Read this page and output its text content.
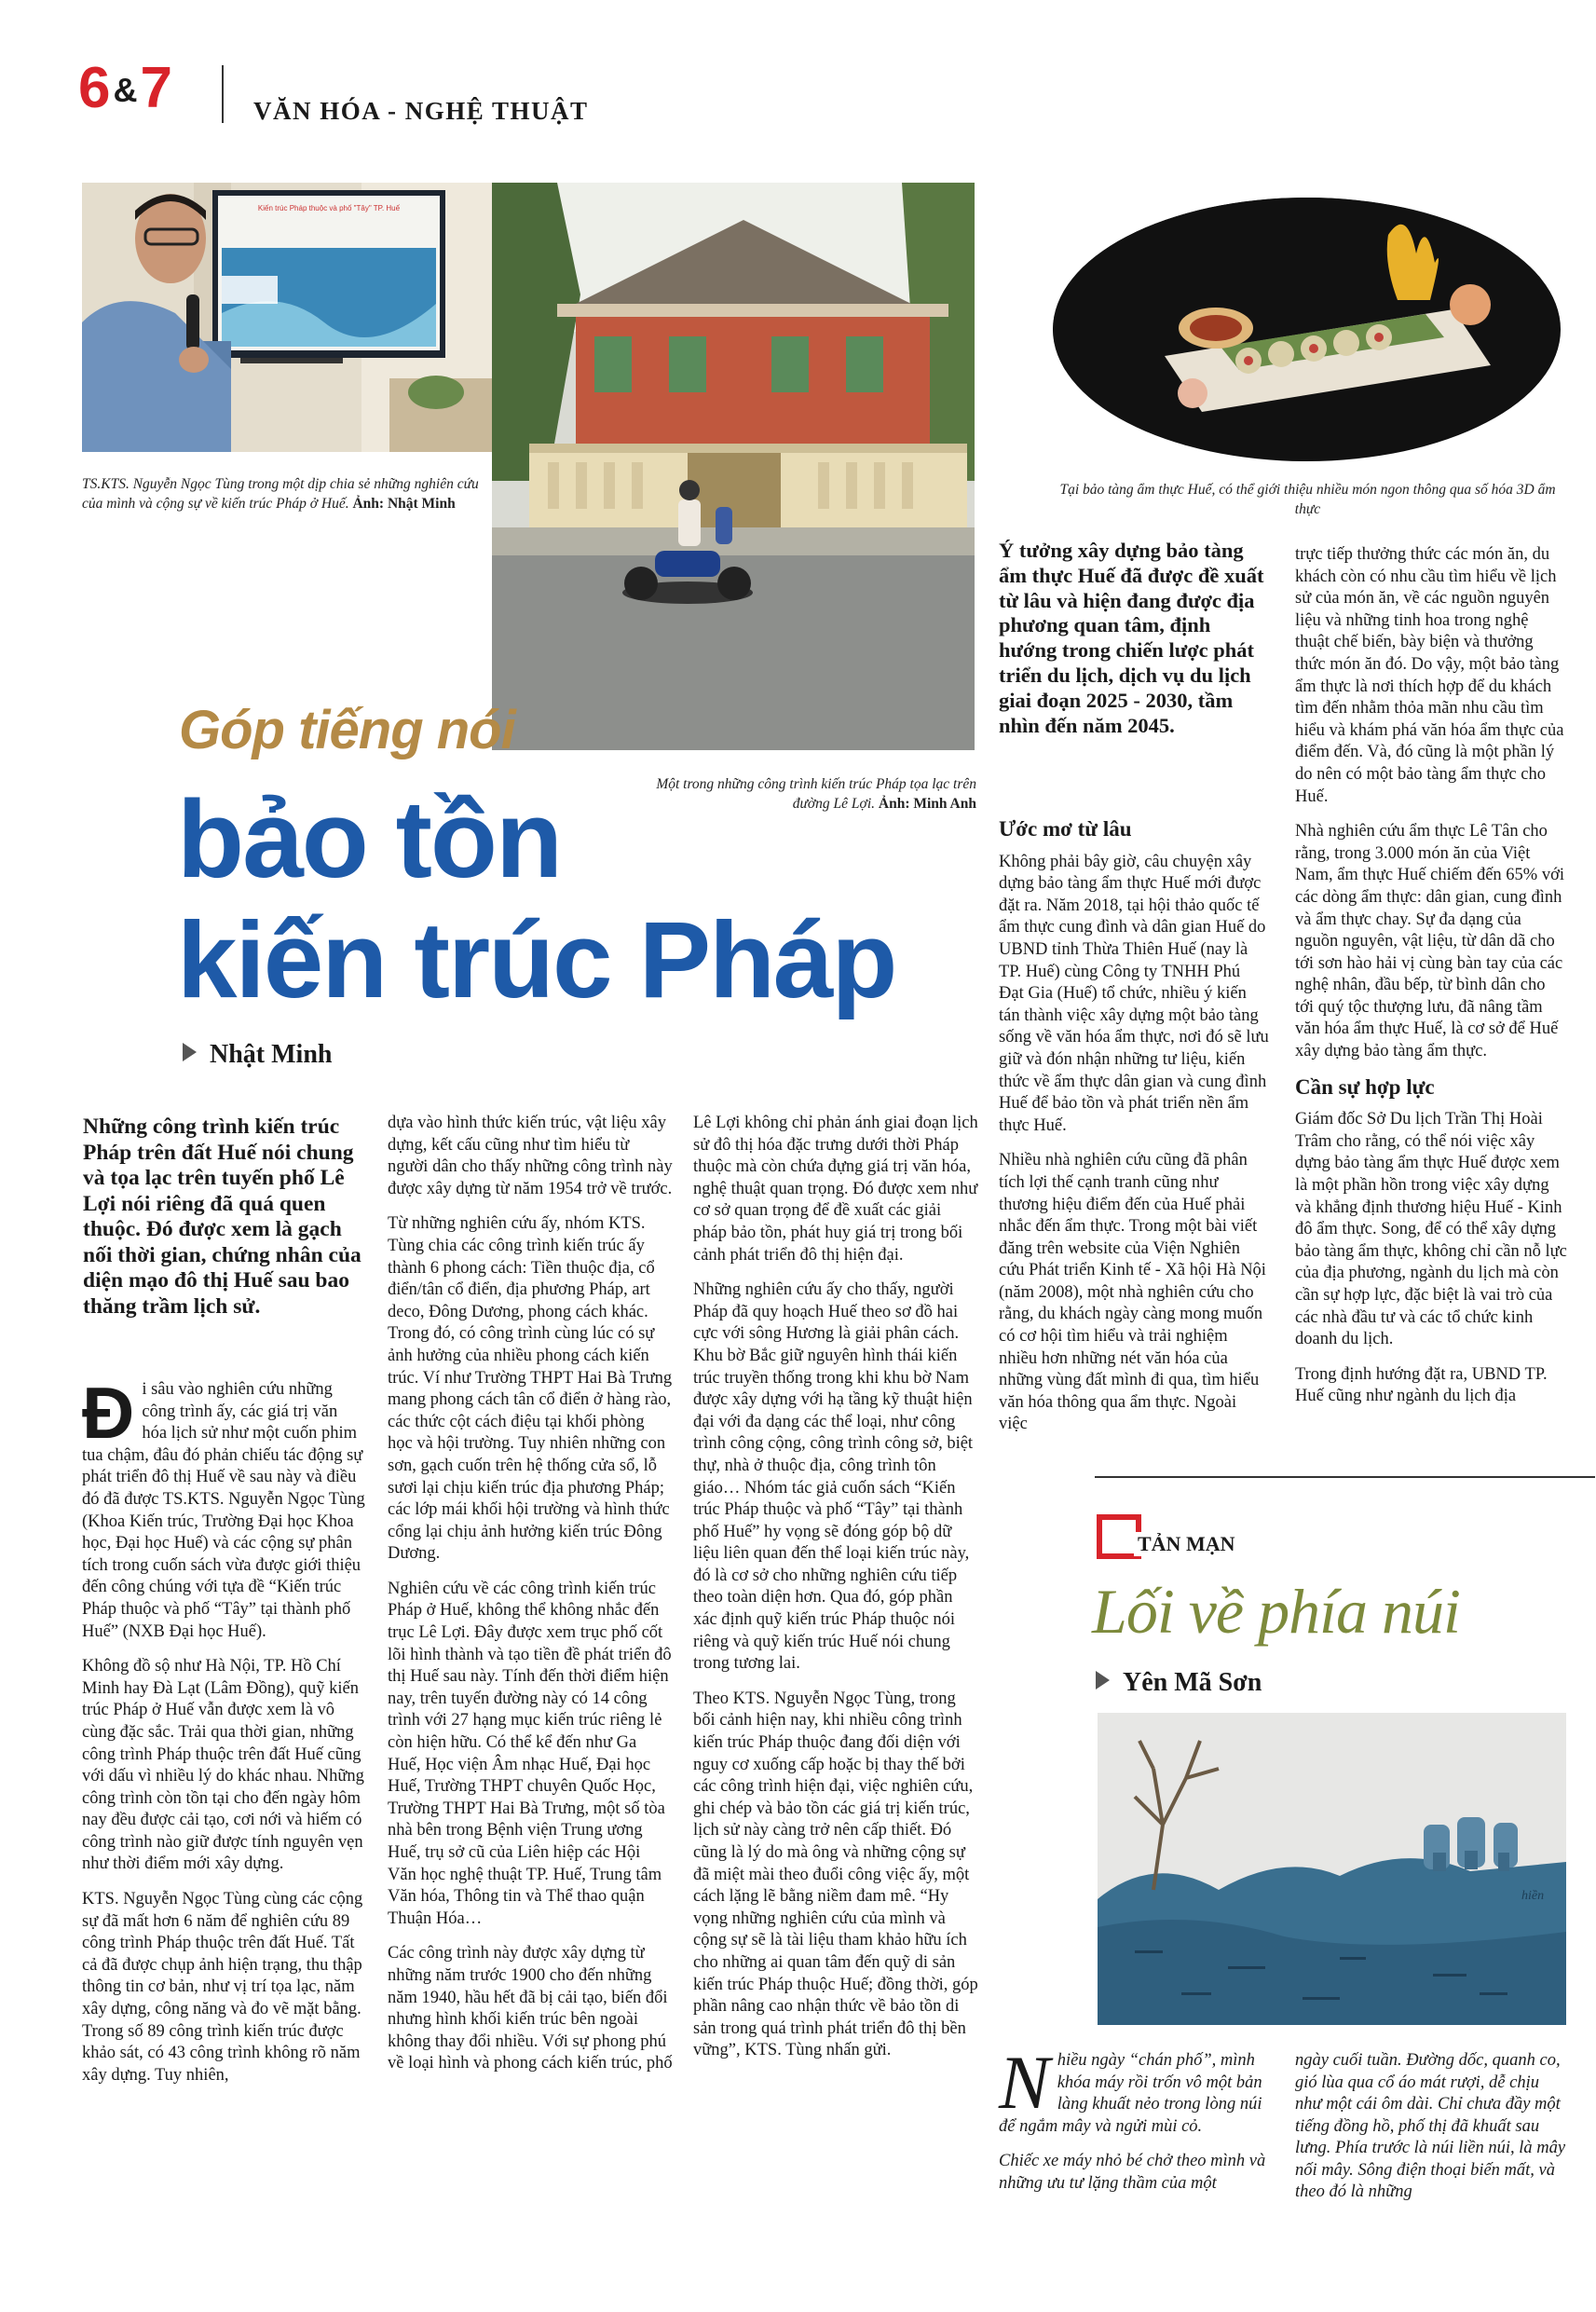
6 &7	VĂN HÓA - NGHỆ THUẬT
Kiến trúc Pháp thuộc và phố "Tây" TP. Huế
TS.KTS. Nguyễn Ngọc Tùng trong một dịp chia sẻ những nghiên cứu của mình và cộng sự về kiến trúc Pháp ở Huế. Ảnh: Nhật Minh
Một trong những công trình kiến trúc Pháp tọa lạc trên đường Lê Lợi. Ảnh: Minh Anh
Tại bảo tàng ẩm thực Huế, có thể giới thiệu nhiều món ngon thông qua số hóa 3D ẩm thực
Góp tiếng nói
bảo tồn
kiến trúc Pháp
Nhật Minh
Những công trình kiến trúc Pháp trên đất Huế nói chung và tọa lạc trên tuyến phố Lê Lợi nói riêng đã quá quen thuộc. Đó được xem là gạch nối thời gian, chứng nhân của diện mạo đô thị Huế sau bao thăng trầm lịch sử.

Đi sâu vào nghiên cứu những công trình ấy, các giá trị văn hóa lịch sử như một cuốn phim tua chậm, đâu đó phản chiếu tác động sự phát triển đô thị Huế về sau này và điều đó đã được TS.KTS. Nguyễn Ngọc Tùng (Khoa Kiến trúc, Trường Đại học Khoa học, Đại học Huế) và các cộng sự phân tích trong cuốn sách vừa được giới thiệu đến công chúng với tựa đề “Kiến trúc Pháp thuộc và phố “Tây” tại thành phố Huế” (NXB Đại học Huế).

Không đồ sộ như Hà Nội, TP. Hồ Chí Minh hay Đà Lạt (Lâm Đồng), quỹ kiến trúc Pháp ở Huế vẫn được xem là vô cùng đặc sắc. Trải qua thời gian, những công trình Pháp thuộc trên đất Huế cũng với dấu vì nhiều lý do khác nhau. Những công trình còn tồn tại cho đến ngày hôm nay đều được cải tạo, cơi nới và hiếm có công trình nào giữ được tính nguyên vẹn như thời điểm mới xây dựng.

KTS. Nguyễn Ngọc Tùng cùng các cộng sự đã mất hơn 6 năm để nghiên cứu 89 công trình Pháp thuộc trên đất Huế. Tất cả đã được chụp ảnh hiện trạng, thu thập thông tin cơ bản, như vị trí tọa lạc, năm xây dựng, công năng và đo vẽ mặt bằng. Trong số 89 công trình kiến trúc được khảo sát, có 43 công trình không rõ năm xây dựng. Tuy nhiên,

dựa vào hình thức kiến trúc, vật liệu xây dựng, kết cấu cũng như tìm hiểu từ người dân cho thấy những công trình này được xây dựng từ năm 1954 trở về trước.

Từ những nghiên cứu ấy, nhóm KTS. Tùng chia các công trình kiến trúc ấy thành 6 phong cách: Tiền thuộc địa, cổ điển/tân cổ điển, địa phương Pháp, art deco, Đông Dương, phong cách khác. Trong đó, có công trình cùng lúc có sự ảnh hưởng của nhiều phong cách kiến trúc. Ví như Trường THPT Hai Bà Trưng mang phong cách tân cổ điển ở hàng rào, các thức cột cách điệu tại khối phòng học và hội trường. Tuy nhiên những con sơn, gạch cuốn trên hệ thống cửa sổ, lỗ sươi lại chịu kiến trúc địa phương Pháp; các lớp mái khối hội trường và hình thức cổng lại chịu ảnh hưởng kiến trúc Đông Dương.

Nghiên cứu về các công trình kiến trúc Pháp ở Huế, không thể không nhắc đến trục Lê Lợi. Đây được xem trục phố cốt lõi hình thành và tạo tiền đề phát triển đô thị Huế sau này. Tính đến thời điểm hiện nay, trên tuyến đường này có 14 công trình với 27 hạng mục kiến trúc riêng lẻ còn hiện hữu. Có thể kể đến như Ga Huế, Học viện Âm nhạc Huế, Đại học Huế, Trường THPT chuyên Quốc Học, Trường THPT Hai Bà Trưng, một số tòa nhà bên trong Bệnh viện Trung ương Huế, trụ sở cũ của Liên hiệp các Hội Văn học nghệ thuật TP. Huế, Trung tâm Văn hóa, Thông tin và Thể thao quận Thuận Hóa…

Các công trình này được xây dựng từ những năm trước 1900 cho đến những năm 1940, hầu hết đã bị cải tạo, biến đổi nhưng hình khối kiến trúc bên ngoài không thay đổi nhiều. Với sự phong phú về loại hình và phong cách kiến trúc, phố

Lê Lợi không chỉ phản ánh giai đoạn lịch sử đô thị hóa đặc trưng dưới thời Pháp thuộc mà còn chứa đựng giá trị văn hóa, nghệ thuật quan trọng. Đó được xem như cơ sở quan trọng để đề xuất các giải pháp bảo tồn, phát huy giá trị trong bối cảnh phát triển đô thị hiện đại.

Những nghiên cứu ấy cho thấy, người Pháp đã quy hoạch Huế theo sơ đồ hai cực với sông Hương là giải phân cách. Khu bờ Bắc giữ nguyên hình thái kiến trúc truyền thống trong khi khu bờ Nam được xây dựng với hạ tầng kỹ thuật hiện đại với đa dạng các thể loại, như công trình công cộng, công trình công sở, biệt thự, nhà ở thuộc địa, công trình tôn giáo… Nhóm tác giả cuốn sách “Kiến trúc Pháp thuộc và phố “Tây” tại thành phố Huế” hy vọng sẽ đóng góp bộ dữ liệu liên quan đến thể loại kiến trúc này, đó là cơ sở cho những nghiên cứu tiếp theo toàn diện hơn. Qua đó, góp phần xác định quỹ kiến trúc Pháp thuộc nói riêng và quỹ kiến trúc Huế nói chung trong tương lai.

Theo KTS. Nguyễn Ngọc Tùng, trong bối cảnh hiện nay, khi nhiều công trình kiến trúc Pháp thuộc đang đối diện với nguy cơ xuống cấp hoặc bị thay thế bởi các công trình hiện đại, việc nghiên cứu, ghi chép và bảo tồn các giá trị kiến trúc, lịch sử này càng trở nên cấp thiết. Đó cũng là lý do mà ông và những cộng sự đã miệt mài theo đuổi công việc ấy, một cách lặng lẽ bằng niềm đam mê. “Hy vọng những nghiên cứu của mình và cộng sự sẽ là tài liệu tham khảo hữu ích cho những ai quan tâm đến quỹ di sản kiến trúc Pháp thuộc Huế; đồng thời, góp phần nâng cao nhận thức về bảo tồn di sản trong quá trình phát triển đô thị bền vững”, KTS. Tùng nhấn gửi.

Ý tưởng xây dựng bảo tàng ẩm thực Huế đã được đề xuất từ lâu và hiện đang được địa phương quan tâm, định hướng trong chiến lược phát triển du lịch, dịch vụ du lịch giai đoạn 2025 - 2030, tầm nhìn đến năm 2045.
Ước mơ từ lâu

Không phải bây giờ, câu chuyện xây dựng bảo tàng ẩm thực Huế mới được đặt ra. Năm 2018, tại hội thảo quốc tế ẩm thực cung đình và dân gian Huế do UBND tỉnh Thừa Thiên Huế (nay là TP. Huế) cùng Công ty TNHH Phú Đạt Gia (Huế) tổ chức, nhiều ý kiến tán thành việc xây dựng một bảo tàng sống về văn hóa ẩm thực, nơi đó sẽ lưu giữ và đón nhận những tư liệu, kiến thức về ẩm thực dân gian và cung đình Huế để bảo tồn và phát triển nền ẩm thực Huế.

Nhiều nhà nghiên cứu cũng đã phân tích lợi thế cạnh tranh cũng như thương hiệu điểm đến của Huế phải nhắc đến ẩm thực. Trong một bài viết đăng trên website của Viện Nghiên cứu Phát triển Kinh tế - Xã hội Hà Nội (năm 2008), một nhà nghiên cứu cho rằng, du khách ngày càng mong muốn có cơ hội tìm hiểu và trải nghiệm nhiều hơn những nét văn hóa của những vùng đất mình đi qua, tìm hiểu văn hóa thông qua ẩm thực. Ngoài việc

trực tiếp thưởng thức các món ăn, du khách còn có nhu cầu tìm hiểu về lịch sử của món ăn, về các nguồn nguyên liệu và những tinh hoa trong nghệ thuật chế biến, bày biện và thưởng thức món ăn đó. Do vậy, một bảo tàng ẩm thực là nơi thích hợp để du khách tìm đến nhằm thỏa mãn nhu cầu tìm hiểu và khám phá văn hóa ẩm thực của điểm đến. Và, đó cũng là một phần lý do nên có một bảo tàng ẩm thực cho Huế.

Nhà nghiên cứu ẩm thực Lê Tân cho rằng, trong 3.000 món ăn của Việt Nam, ẩm thực Huế chiếm đến 65% với các dòng ẩm thực: dân gian, cung đình và ẩm thực chay. Sự đa dạng của nguồn nguyên, vật liệu, từ dân dã cho tới sơn hào hải vị cùng bàn tay của các nghệ nhân, đầu bếp, từ bình dân cho tới quý tộc thượng lưu, đã nâng tầm văn hóa ẩm thực Huế, là cơ sở để Huế xây dựng bảo tàng ẩm thực.

Cần sự hợp lực

Giám đốc Sở Du lịch Trần Thị Hoài Trâm cho rằng, có thể nói việc xây dựng bảo tàng ẩm thực Huế được xem là một phần hồn trong việc xây dựng và khẳng định thương hiệu Huế - Kinh đô ẩm thực. Song, để có thể xây dựng bảo tàng ẩm thực, không chỉ cần nỗ lực của địa phương, ngành du lịch mà còn cần sự hợp lực, đặc biệt là vai trò của các nhà đầu tư và các tổ chức kinh doanh du lịch.

Trong định hướng đặt ra, UBND TP. Huế cũng như ngành du lịch địa

TẢN MẠN
Lối về phía núi
Yên Mã Sơn
hiền

Nhiều ngày “chán phố”, mình khóa máy rồi trốn vô một bản làng khuất nẻo trong lòng núi để ngắm mây và ngửi mùi cỏ.

Chiếc xe máy nhỏ bé chở theo mình và những ưu tư lặng thầm của một

ngày cuối tuần. Đường dốc, quanh co, gió lùa qua cổ áo mát rượi, dễ chịu như một cái ôm dài. Chỉ chưa đầy một tiếng đồng hồ, phố thị đã khuất sau lưng. Phía trước là núi liền núi, là mây nối mây. Sông điện thoại biến mất, và theo đó là những
